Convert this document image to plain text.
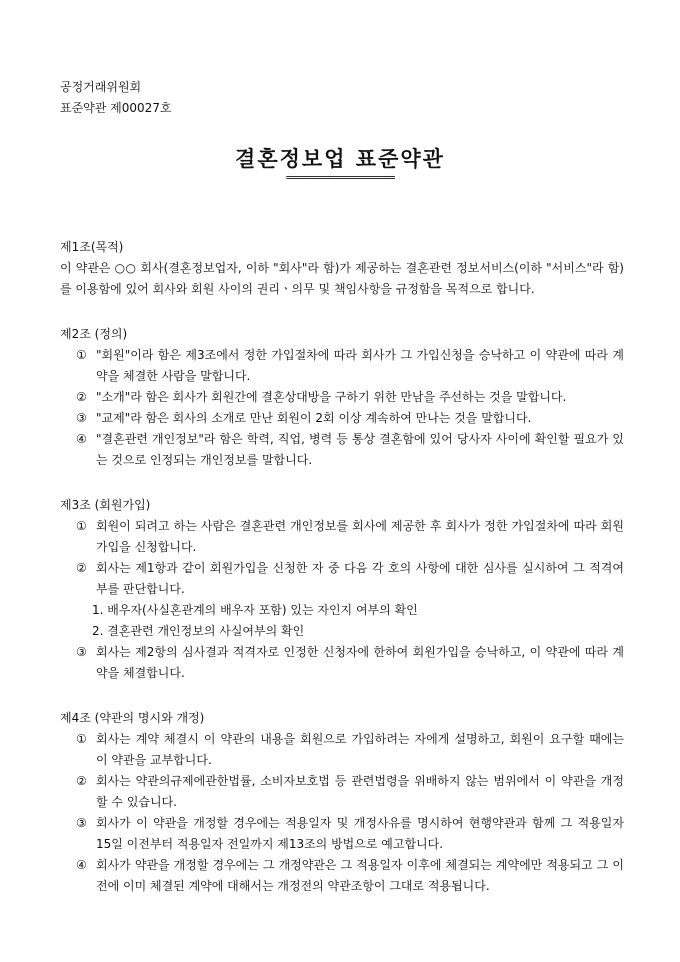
공정거래위원회
표준약관 제00027호
결혼정보업 표준약관
====================
제1조(목적)
이 약관은 ○○ 회사(결혼정보업자, 이하 "회사"라 함)가 제공하는 결혼관련 정보서비스(이하 "서비스"라 함)를 이용함에 있어 회사와 회원 사이의 권리ㆍ의무 및 책임사항을 규정함을 목적으로 합니다.
제2조 (정의)
① "회원"이라 함은 제3조에서 정한 가입절차에 따라 회사가 그 가입신청을 승낙하고 이 약관에 따라 계약을 체결한 사람을 말합니다.
② "소개"라 함은 회사가 회원간에 결혼상대방을 구하기 위한 만남을 주선하는 것을 말합니다.
③ "교제"라 함은 회사의 소개로 만난 회원이 2회 이상 계속하여 만나는 것을 말합니다.
④ "결혼관련 개인정보"라 함은 학력, 직업, 병력 등 통상 결혼함에 있어 당사자 사이에 확인할 필요가 있는 것으로 인정되는 개인정보를 말합니다.
제3조 (회원가입)
① 회원이 되려고 하는 사람은 결혼관련 개인정보를 회사에 제공한 후 회사가 정한 가입절차에 따라 회원가입을 신청합니다.
② 회사는 제1항과 같이 회원가입을 신청한 자 중 다음 각 호의 사항에 대한 심사를 실시하여 그 적격여부를 판단합니다.
1. 배우자(사실혼관계의 배우자 포함) 있는 자인지 여부의 확인
2. 결혼관련 개인정보의 사실여부의 확인
③ 회사는 제2항의 심사결과 적격자로 인정한 신청자에 한하여 회원가입을 승낙하고, 이 약관에 따라 계약을 체결합니다.
제4조 (약관의 명시와 개정)
① 회사는 계약 체결시 이 약관의 내용을 회원으로 가입하려는 자에게 설명하고, 회원이 요구할 때에는 이 약관을 교부합니다.
② 회사는 약관의규제에관한법률, 소비자보호법 등 관련법령을 위배하지 않는 범위에서 이 약관을 개정할 수 있습니다.
③ 회사가 이 약관을 개정할 경우에는 적용일자 및 개정사유를 명시하여 현행약관과 함께 그 적용일자 15일 이전부터 적용일자 전일까지 제13조의 방법으로 예고합니다.
④ 회사가 약관을 개정할 경우에는 그 개정약관은 그 적용일자 이후에 체결되는 계약에만 적용되고 그 이전에 이미 체결된 계약에 대해서는 개정전의 약관조항이 그대로 적용됩니다.
